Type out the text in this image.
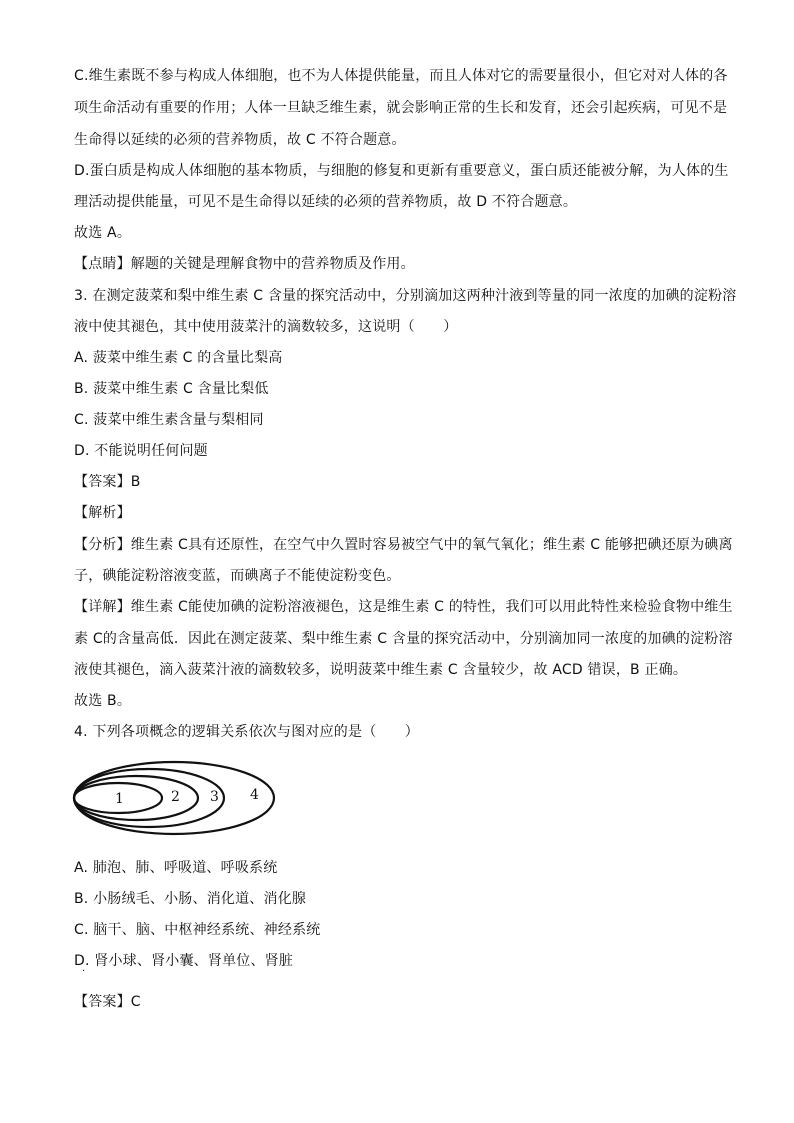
C.维生素既不参与构成人体细胞，也不为人体提供能量，而且人体对它的需要量很小，但它对对人体的各
项生命活动有重要的作用；人体一旦缺乏维生素，就会影响正常的生长和发育，还会引起疾病，可见不是
生命得以延续的必须的营养物质，故 C 不符合题意。
D.蛋白质是构成人体细胞的基本物质，与细胞的修复和更新有重要意义，蛋白质还能被分解，为人体的生
理活动提供能量，可见不是生命得以延续的必须的营养物质，故 D 不符合题意。
故选 A。
【点睛】解题的关键是理解食物中的营养物质及作用。
3. 在测定菠菜和梨中维生素 C 含量的探究活动中，分别滴加这两种汁液到等量的同一浓度的加碘的淀粉溶
液中使其褪色，其中使用菠菜汁的滴数较多，这说明（　　）
A. 菠菜中维生素 C 的含量比梨高
B. 菠菜中维生素 C 含量比梨低
C. 菠菜中维生素含量与梨相同
D. 不能说明任何问题
【答案】B
【解析】
【分析】维生素 C具有还原性，在空气中久置时容易被空气中的氧气氧化；维生素 C 能够把碘还原为碘离
子，碘能淀粉溶液变蓝，而碘离子不能使淀粉变色。
【详解】维生素 C能使加碘的淀粉溶液褪色，这是维生素 C 的特性，我们可以用此特性来检验食物中维生
素 C的含量高低．因此在测定菠菜、梨中维生素 C 含量的探究活动中，分别滴加同一浓度的加碘的淀粉溶
液使其褪色，滴入菠菜汁液的滴数较多，说明菠菜中维生素 C 含量较少，故 ACD 错误，B 正确。
故选 B。
4. 下列各项概念的逻辑关系依次与图对应的是（　　）
1	2 3 4
A. 肺泡、肺、呼吸道、呼吸系统
B. 小肠绒毛、小肠、消化道、消化腺
C. 脑干、脑、中枢神经系统、神经系统
D. 肾小球、肾小囊、肾单位、肾脏
·
【答案】C
